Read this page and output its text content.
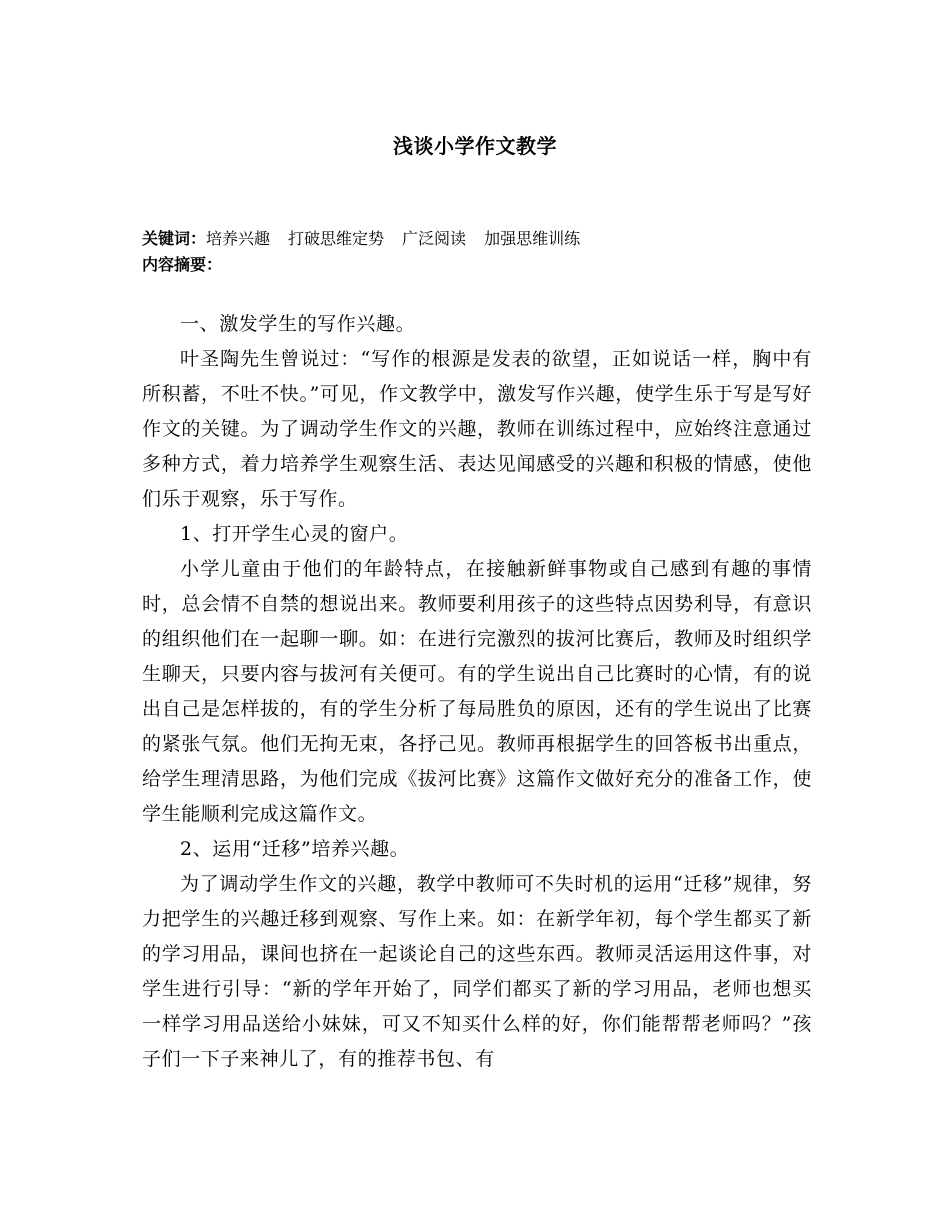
浅谈小学作文教学
关键词：培养兴趣 打破思维定势 广泛阅读 加强思维训练
内容摘要：

一、激发学生的写作兴趣。

叶圣陶先生曾说过：“写作的根源是发表的欲望，正如说话一样，胸中有所积蓄，不吐不快。”可见，作文教学中，激发写作兴趣，使学生乐于写是写好作文的关键。为了调动学生作文的兴趣，教师在训练过程中，应始终注意通过多种方式，着力培养学生观察生活、表达见闻感受的兴趣和积极的情感，使他们乐于观察，乐于写作。

1、打开学生心灵的窗户。

小学儿童由于他们的年龄特点，在接触新鲜事物或自己感到有趣的事情时，总会情不自禁的想说出来。教师要利用孩子的这些特点因势利导，有意识的组织他们在一起聊一聊。如：在进行完激烈的拔河比赛后，教师及时组织学生聊天，只要内容与拔河有关便可。有的学生说出自己比赛时的心情，有的说出自己是怎样拔的，有的学生分析了每局胜负的原因，还有的学生说出了比赛的紧张气氛。他们无拘无束，各抒己见。教师再根据学生的回答板书出重点，给学生理清思路，为他们完成《拔河比赛》这篇作文做好充分的准备工作，使学生能顺利完成这篇作文。

2、运用“迁移”培养兴趣。

为了调动学生作文的兴趣，教学中教师可不失时机的运用“迁移”规律，努力把学生的兴趣迁移到观察、写作上来。如：在新学年初，每个学生都买了新的学习用品，课间也挤在一起谈论自己的这些东西。教师灵活运用这件事，对学生进行引导：“新的学年开始了，同学们都买了新的学习用品，老师也想买一样学习用品送给小妹妹，可又不知买什么样的好，你们能帮帮老师吗？”孩子们一下子来神儿了，有的推荐书包、有
